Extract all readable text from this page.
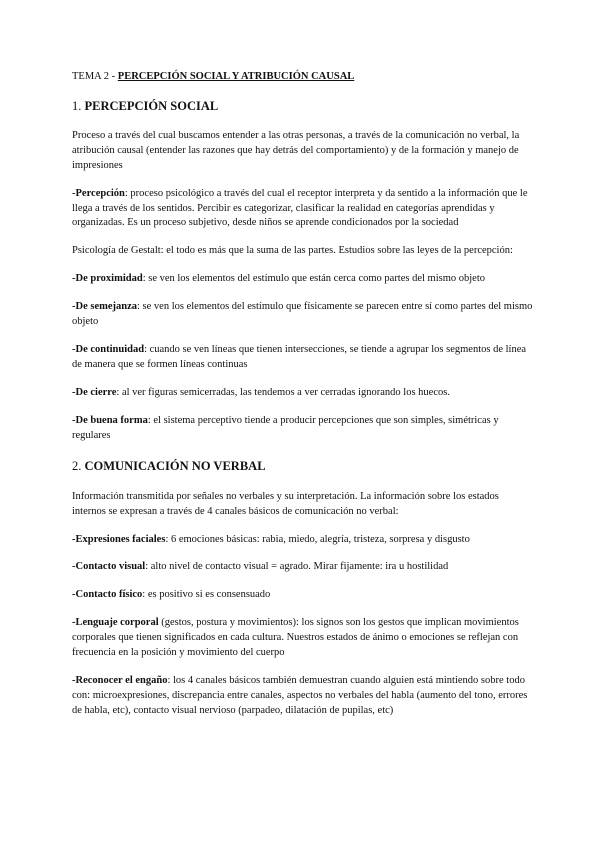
TEMA 2 - PERCEPCIÓN SOCIAL Y ATRIBUCIÓN CAUSAL
1. PERCEPCIÓN SOCIAL

Proceso a través del cual buscamos entender a las otras personas, a través de la comunicación no verbal, la atribución causal (entender las razones que hay detrás del comportamiento) y de la formación y manejo de impresiones

-Percepción: proceso psicológico a través del cual el receptor interpreta y da sentido a la información que le llega a través de los sentidos. Percibir es categorizar, clasificar la realidad en categorías aprendidas y organizadas. Es un proceso subjetivo, desde niños se aprende condicionados por la sociedad

Psicología de Gestalt: el todo es más que la suma de las partes. Estudios sobre las leyes de la percepción:

-De proximidad: se ven los elementos del estímulo que están cerca como partes del mismo objeto

-De semejanza: se ven los elementos del estímulo que físicamente se parecen entre sí como partes del mismo objeto

-De continuidad: cuando se ven líneas que tienen intersecciones, se tiende a agrupar los segmentos de línea de manera que se formen líneas continuas

-De cierre: al ver figuras semicerradas, las tendemos a ver cerradas ignorando los huecos.

-De buena forma: el sistema perceptivo tiende a producir percepciones que son simples, simétricas y regulares

2. COMUNICACIÓN NO VERBAL

Información transmitida por señales no verbales y su interpretación. La información sobre los estados internos se expresan a través de 4 canales básicos de comunicación no verbal:

-Expresiones faciales: 6 emociones básicas: rabia, miedo, alegría, tristeza, sorpresa y disgusto

-Contacto visual: alto nivel de contacto visual = agrado. Mirar fijamente: ira u hostilidad

-Contacto físico: es positivo si es consensuado

-Lenguaje corporal (gestos, postura y movimientos): los signos son los gestos que implican movimientos corporales que tienen significados en cada cultura. Nuestros estados de ánimo o emociones se reflejan con frecuencia en la posición y movimiento del cuerpo

-Reconocer el engaño: los 4 canales básicos también demuestran cuando alguien está mintiendo sobre todo con: microexpresiones, discrepancia entre canales, aspectos no verbales del habla (aumento del tono, errores de habla, etc), contacto visual nervioso (parpadeo, dilatación de pupilas, etc)
